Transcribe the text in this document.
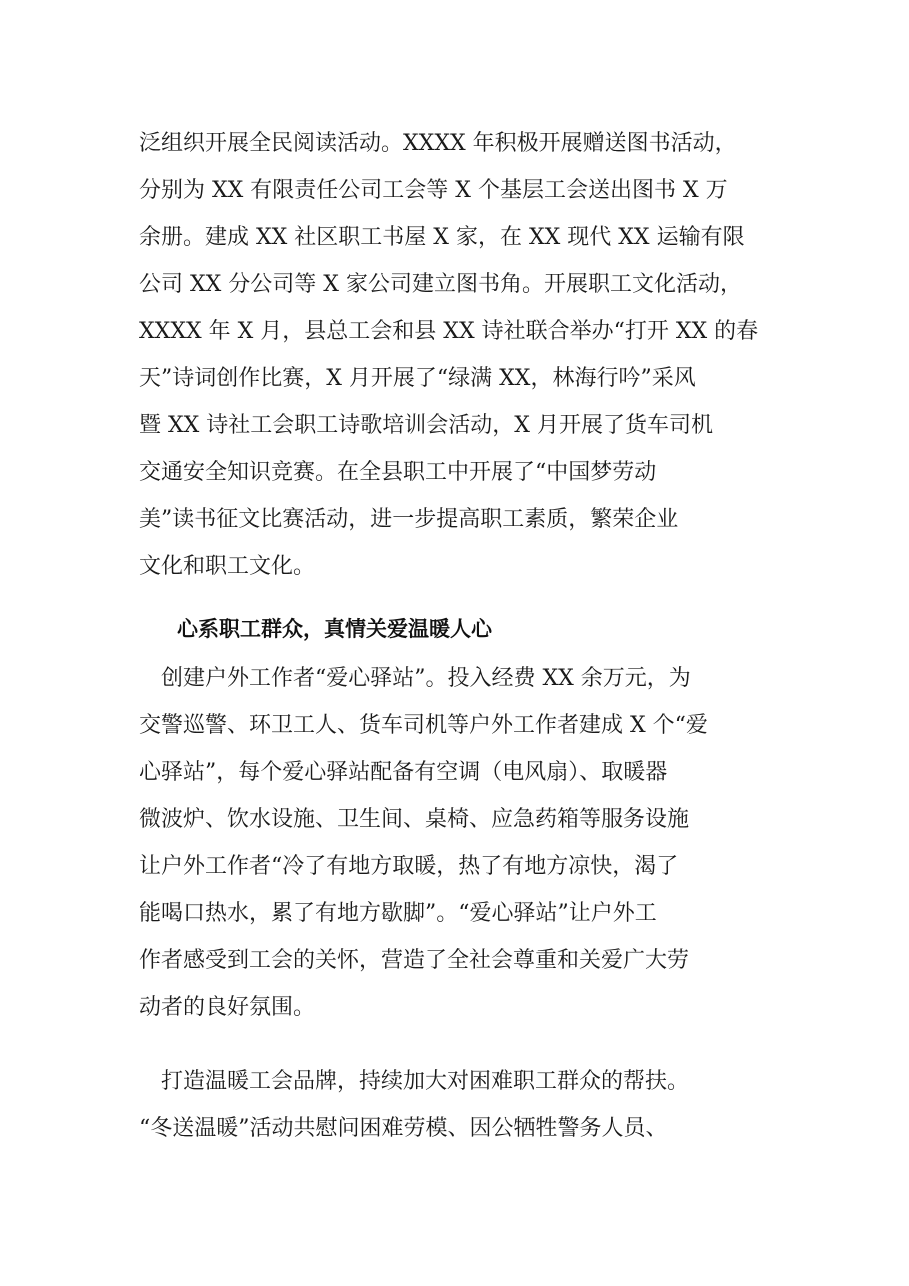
泛组织开展全民阅读活动。XXXX 年积极开展赠送图书活动，
分别为 XX 有限责任公司工会等 X 个基层工会送出图书 X 万
余册。建成 XX 社区职工书屋 X 家，在 XX 现代 XX 运输有限
公司 XX 分公司等 X 家公司建立图书角。开展职工文化活动，
XXXX 年 X 月，县总工会和县 XX 诗社联合举办“打开 XX 的春
天”诗词创作比赛，X 月开展了“绿满 XX，林海行吟”采风
暨 XX 诗社工会职工诗歌培训会活动，X 月开展了货车司机
交通安全知识竞赛。在全县职工中开展了“中国梦劳动
美”读书征文比赛活动，进一步提高职工素质，繁荣企业
文化和职工文化。
心系职工群众，真情关爱温暖人心
　创建户外工作者“爱心驿站”。投入经费 XX 余万元，为
交警巡警、环卫工人、货车司机等户外工作者建成 X 个“爱
心驿站”，每个爱心驿站配备有空调（电风扇）、取暖器
微波炉、饮水设施、卫生间、桌椅、应急药箱等服务设施
让户外工作者“冷了有地方取暖，热了有地方凉快，渴了
能喝口热水，累了有地方歇脚”。“爱心驿站”让户外工
作者感受到工会的关怀，营造了全社会尊重和关爱广大劳
动者的良好氛围。
　打造温暖工会品牌，持续加大对困难职工群众的帮扶。
“冬送温暖”活动共慰问困难劳模、因公牺牲警务人员、
